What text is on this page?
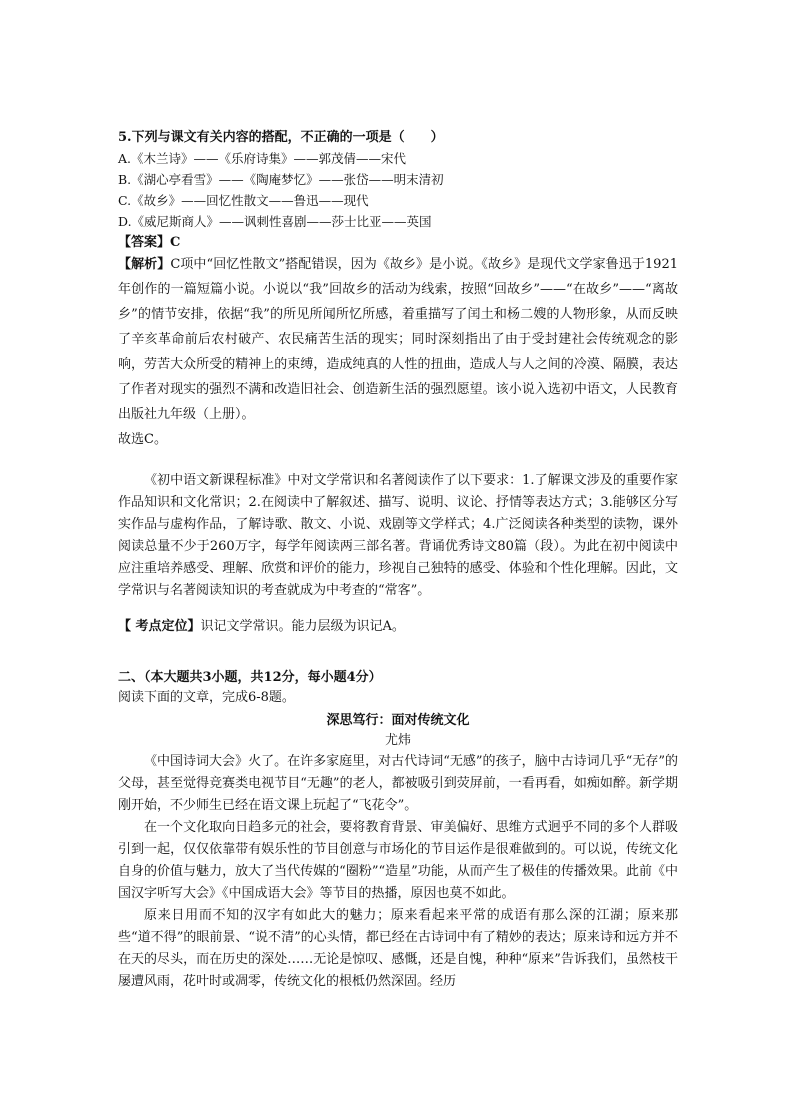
5.下列与课文有关内容的搭配，不正确的一项是（　　）
A.《木兰诗》——《乐府诗集》——郭茂倩——宋代
B.《湖心亭看雪》——《陶庵梦忆》——张岱——明末清初
C.《故乡》——回忆性散文——鲁迅——现代
D.《威尼斯商人》——讽刺性喜剧——莎士比亚——英国
【答案】C

【解析】C项中“回忆性散文”搭配错误，因为《故乡》是小说。《故乡》是现代文学家鲁迅于1921年创作的一篇短篇小说。小说以“我”回故乡的活动为线索，按照“回故乡”——“在故乡”——“离故乡”的情节安排，依据“我”的所见所闻所忆所感，着重描写了闰土和杨二嫂的人物形象，从而反映了辛亥革命前后农村破产、农民痛苦生活的现实；同时深刻指出了由于受封建社会传统观念的影响，劳苦大众所受的精神上的束缚，造成纯真的人性的扭曲，造成人与人之间的冷漠、隔膜，表达了作者对现实的强烈不满和改造旧社会、创造新生活的强烈愿望。该小说入选初中语文，人民教育出版社九年级（上册）。

故选C。

《初中语文新课程标准》中对文学常识和名著阅读作了以下要求：1.了解课文涉及的重要作家作品知识和文化常识；2.在阅读中了解叙述、描写、说明、议论、抒情等表达方式；3.能够区分写实作品与虚构作品，了解诗歌、散文、小说、戏剧等文学样式；4.广泛阅读各种类型的读物，课外阅读总量不少于260万字，每学年阅读两三部名著。背诵优秀诗文80篇（段）。为此在初中阅读中应注重培养感受、理解、欣赏和评价的能力，珍视自己独特的感受、体验和个性化理解。因此，文学常识与名著阅读知识的考查就成为中考查的“常客”。

【 考点定位】识记文学常识。能力层级为识记A。
二、（本大题共3小题，共12分，每小题4分）
阅读下面的文章，完成6-8题。
深思笃行：面对传统文化
尤炜

《中国诗词大会》火了。在许多家庭里，对古代诗词“无感”的孩子，脑中古诗词几乎“无存”的父母，甚至觉得竞赛类电视节目“无趣”的老人，都被吸引到荧屏前，一看再看，如痴如醉。新学期刚开始，不少师生已经在语文课上玩起了“飞花令”。

在一个文化取向日趋多元的社会，要将教育背景、审美偏好、思维方式迥乎不同的多个人群吸引到一起，仅仅依靠带有娱乐性的节目创意与市场化的节目运作是很难做到的。可以说，传统文化自身的价值与魅力，放大了当代传媒的“圈粉”“造星”功能，从而产生了极佳的传播效果。此前《中国汉字听写大会》《中国成语大会》等节目的热播，原因也莫不如此。

原来日用而不知的汉字有如此大的魅力；原来看起来平常的成语有那么深的江湖；原来那些“道不得”的眼前景、“说不清”的心头情，都已经在古诗词中有了精妙的表达；原来诗和远方并不在天的尽头，而在历史的深处……无论是惊叹、感慨，还是自愧，种种“原来”告诉我们，虽然枝干屡遭风雨，花叶时或凋零，传统文化的根柢仍然深固。经历
